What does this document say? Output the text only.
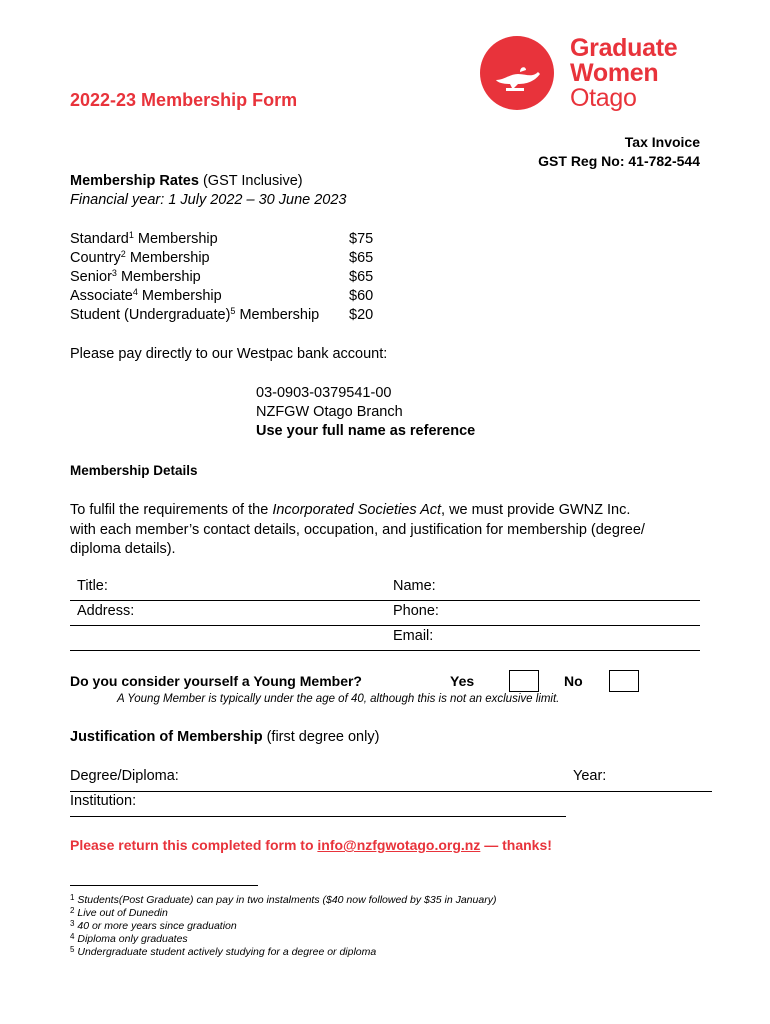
Graduate
Women
Otago
2022-23 Membership Form
Tax Invoice
GST Reg No: 41-782-544
Membership Rates (GST Inclusive)
Financial year: 1 July 2022 – 30 June 2023
Standard$^1$ Membership	$75
Country$^2$ Membership	$65
Senior$^3$ Membership	$65
Associate$^4$ Membership	$60
Student (Undergraduate)$^5$ Membership $20
Please pay directly to our Westpac bank account:
03-0903-0379541-00
NZFGW Otago Branch
Use your full name as reference
Membership Details
To fulfil the requirements of the Incorporated Societies Act, we must provide GWNZ Inc.
with each member’s contact details, occupation, and justification for membership (degree/
diploma details).
Title:	Name:
Address:	Phone:
Email:
Do you consider yourself a Young Member?	Yes	No
A Young Member is typically under the age of 40, although this is not an exclusive limit.
Justification of Membership (first degree only)
Degree/Diploma:	Year:
Institution:
Please return this completed form to info@nzfgwotago.org.nz — thanks!
$^1$ Students(Post Graduate) can pay in two instalments ($40 now followed by $35 in January)
$^2$ Live out of Dunedin
$^3$ 40 or more years since graduation
$^4$ Diploma only graduates
$^5$ Undergraduate student actively studying for a degree or diploma
